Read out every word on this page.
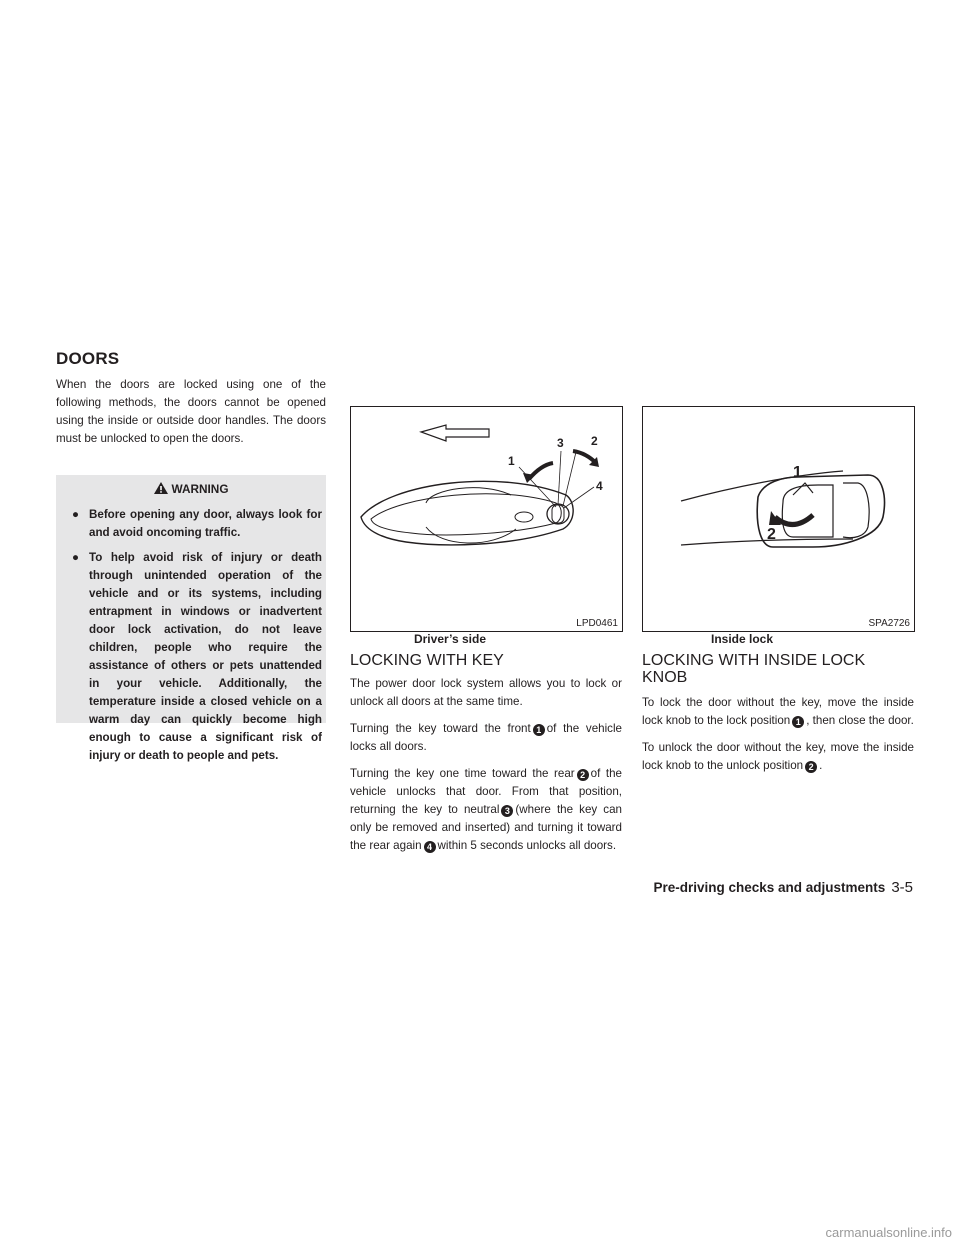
DOORS

When the doors are locked using one of the following methods, the doors cannot be opened using the inside or outside door handles. The doors must be unlocked to open the doors.

WARNING
● Before opening any door, always look for and avoid oncoming traffic.
● To help avoid risk of injury or death through unintended operation of the vehicle and or its systems, including entrapment in windows or inadvertent door lock activation, do not leave children, people who require the assistance of others or pets unattended in your vehicle. Additionally, the temperature inside a closed vehicle on a warm day can quickly become high enough to cause a significant risk of injury or death to people and pets.
1
2
3
4
LPD0461
Driver’s side
1
2
SPA2726
Inside lock
LOCKING WITH KEY

The power door lock system allows you to lock or unlock all doors at the same time.

Turning the key toward the front 1 of the vehicle locks all doors.

Turning the key one time toward the rear 2 of the vehicle unlocks that door. From that position, returning the key to neutral 3 (where the key can only be removed and inserted) and turning it toward the rear again 4 within 5 seconds unlocks all doors.

LOCKING WITH INSIDE LOCK KNOB

To lock the door without the key, move the inside lock knob to the lock position 1 , then close the door.

To unlock the door without the key, move the inside lock knob to the unlock position 2 .

Pre-driving checks and adjustments 3-5
carmanualsonline.info
